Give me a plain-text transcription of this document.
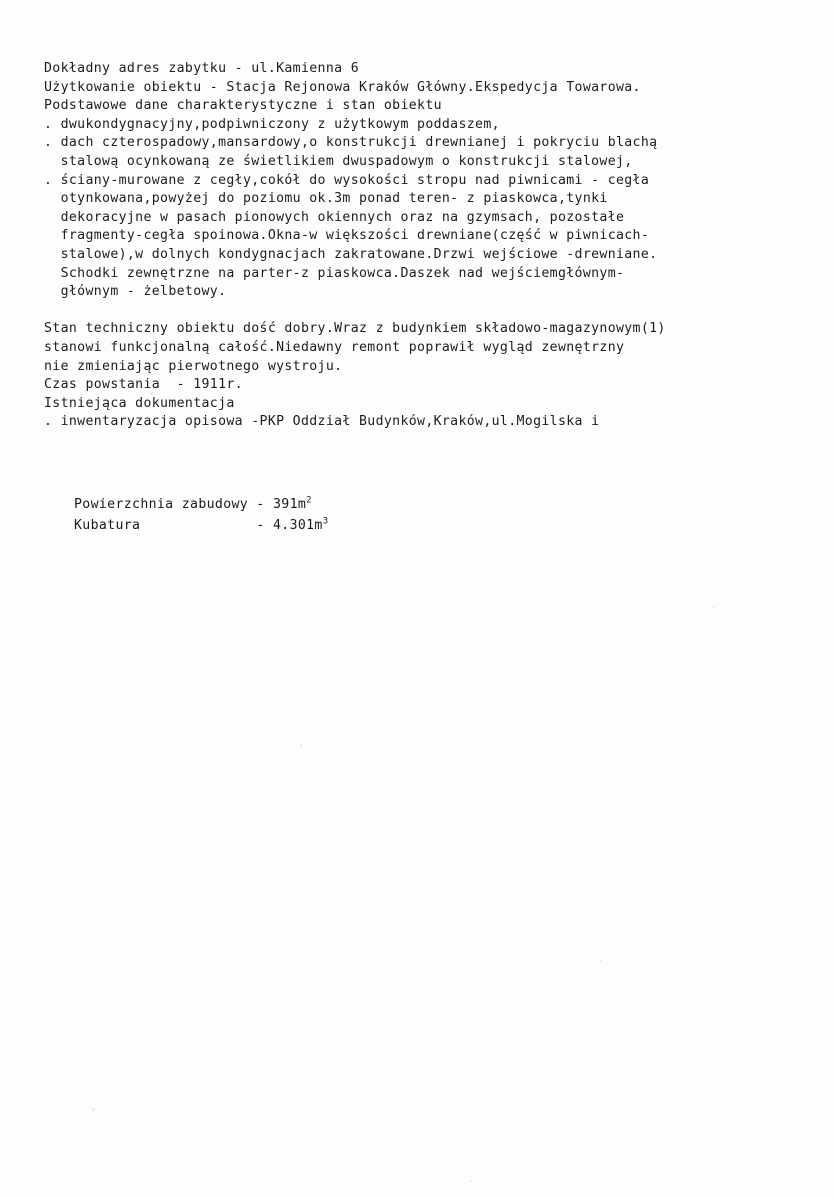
Dokładny adres zabytku - ul.Kamienna 6
Użytkowanie obiektu - Stacja Rejonowa Kraków Główny.Ekspedycja Towarowa.
Podstawowe dane charakterystyczne i stan obiektu
. dwukondygnacyjny,podpiwniczony z użytkowym poddaszem,
. dach czterospadowy,mansardowy,o konstrukcji drewnianej i pokryciu blachą
stalową ocynkowaną ze świetlikiem dwuspadowym o konstrukcji stalowej,
. ściany-murowane z cegły,cokół do wysokości stropu nad piwnicami - cegła
otynkowana,powyżej do poziomu ok.3m ponad teren- z piaskowca,tynki
dekoracyjne w pasach pionowych okiennych oraz na gzymsach, pozostałe
fragmenty-cegła spoinowa.Okna-w większości drewniane(część w piwnicach-
stalowe),w dolnych kondygnacjach zakratowane.Drzwi wejściowe -drewniane.
Schodki zewnętrzne na parter-z piaskowca.Daszek nad wejściemgłównym-
głównym - żelbetowy.
Stan techniczny obiektu dość dobry.Wraz z budynkiem składowo-magazynowym(1)
stanowi funkcjonalną całość.Niedawny remont poprawił wygląd zewnętrzny
nie zmieniając pierwotnego wystroju.
Czas powstania  - 1911r.
Istniejąca dokumentacja
. inwentaryzacja opisowa -PKP Oddział Budynków,Kraków,ul.Mogilska i
Powierzchnia zabudowy - $391m^2$
Kubatura	- $4.301m^3$
